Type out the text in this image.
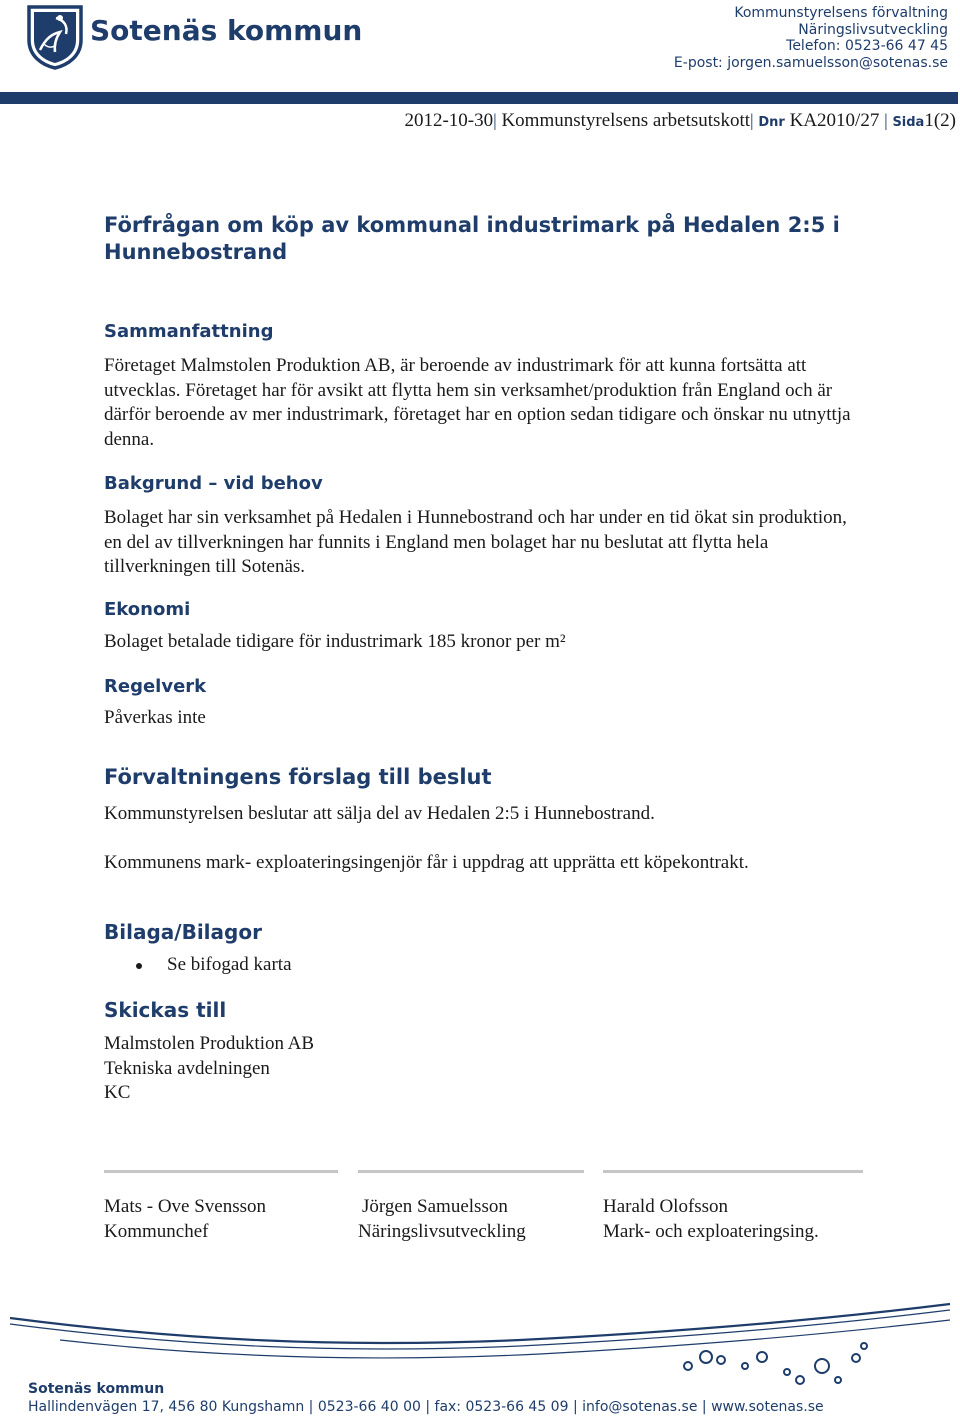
Sotenäs kommun
Kommunstyrelsens förvaltning
Näringslivsutveckling
Telefon: 0523-66 47 45
E-post: jorgen.samuelsson@sotenas.se
2012-10-30| Kommunstyrelsens arbetsutskott| Dnr KA2010/27 | Sida1(2)
Förfrågan om köp av kommunal industrimark på Hedalen 2:5 i Hunnebostrand
Sammanfattning
Företaget Malmstolen Produktion AB, är beroende av industrimark för att kunna fortsätta att utvecklas. Företaget har för avsikt att flytta hem sin verksamhet/produktion från England och är därför beroende av mer industrimark, företaget har en option sedan tidigare och önskar nu utnyttja denna.
Bakgrund – vid behov
Bolaget har sin verksamhet på Hedalen i Hunnebostrand och har under en tid ökat sin produktion, en del av tillverkningen har funnits i England men bolaget har nu beslutat att flytta hela tillverkningen till Sotenäs.
Ekonomi
Bolaget betalade tidigare för industrimark 185 kronor per m²
Regelverk
Påverkas inte
Förvaltningens förslag till beslut
Kommunstyrelsen beslutar att sälja del av Hedalen 2:5 i Hunnebostrand.
Kommunens mark- exploateringsingenjör får i uppdrag att upprätta ett köpekontrakt.
Bilaga/Bilagor
Se bifogad karta
Skickas till
Malmstolen Produktion AB
Tekniska avdelningen
KC
Mats - Ove Svensson
Kommunchef
Jörgen Samuelsson
Näringslivsutveckling
Harald Olofsson
Mark- och exploateringsing.
Sotenäs kommun
Hallindenvägen 17, 456 80 Kungshamn | 0523-66 40 00 | fax: 0523-66 45 09 | info@sotenas.se | www.sotenas.se
